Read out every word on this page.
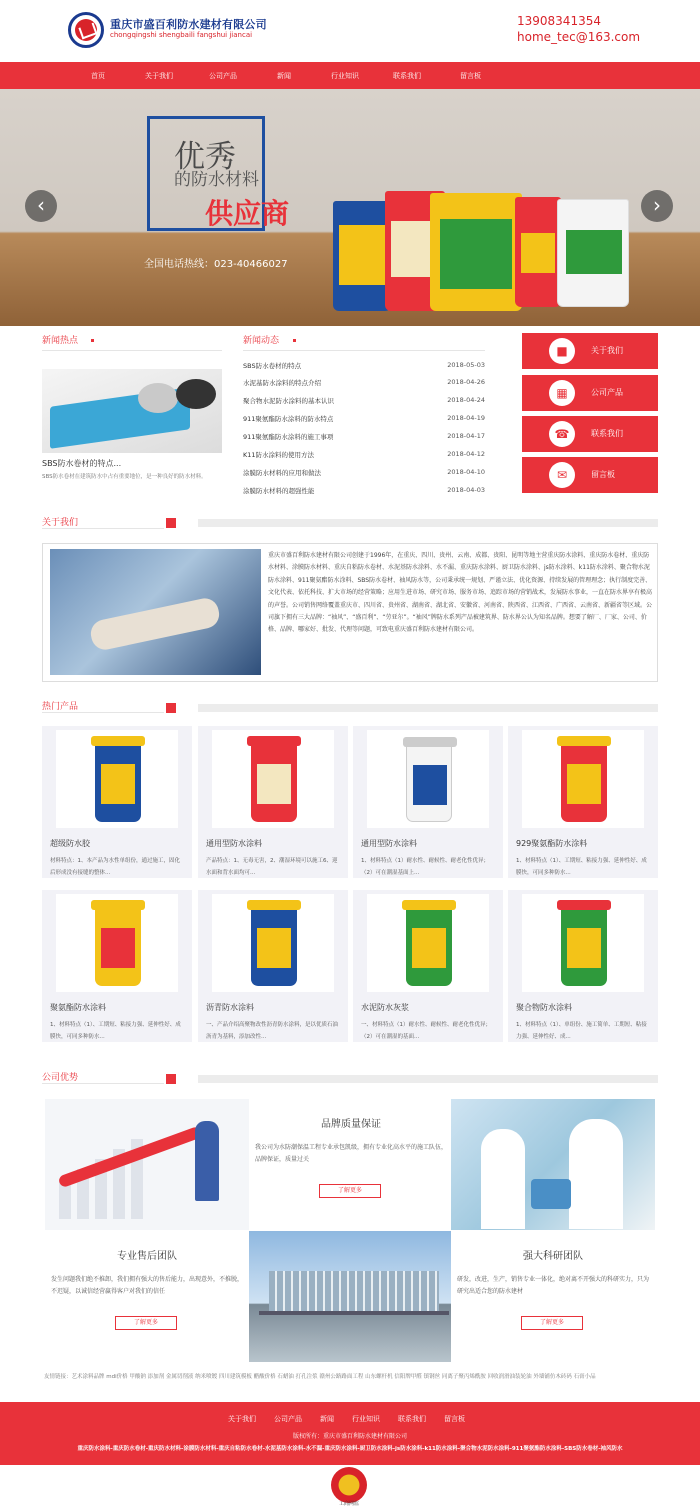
重庆市盛百利防水建材有限公司
chongqingshi shengbaili fangshui jiancai
13908341354
home_tec@163.com
首页	关于我们	公司产品	新闻	行业知识	联系我们	留言板
优秀
的防水材料
供应商
全国电话热线：023-40466027
‹	›
新闻热点
SBS防水卷材的特点...
SBS防水卷材在建筑防水中占有重要地位，是一种良好的防水材料。
新闻动态
SBS防水卷材的特点	2018-05-03
水泥基防水涂料的特点介绍	2018-04-26
聚合物水泥防水涂料的基本认识	2018-04-24
911聚氨酯防水涂料的防水特点	2018-04-19
911聚氨酯防水涂料的施工事项	2018-04-17
K11防水涂料的使用方法	2018-04-12
涂膜防水材料的应用和做法	2018-04-10
涂膜防水材料的超强性能	2018-04-03
■	关于我们
▦	公司产品
☎	联系我们
✉	留言板
关于我们
重庆市盛百利防水建材有限公司创建于1996年，在重庆、四川、贵州、云南、成都、贵阳、昆明等地主营重庆防水涂料、重庆防水卷材、重庆防水材料、涂膜防水材料、重庆自粘防水卷材、水泥基防水涂料、水不漏、重庆防水涂料、厨卫防水涂料、js防水涂料、k11防水涂料、聚合物水泥防水涂料、911聚氨酯防水涂料、SBS防水卷材、袖风防水等，公司秉承统一规划、严谨立法、优化资源、持续发展的管理理念；执行制度完善、文化代表、依托科技、扩大市场的经营策略；应用生进市场、研究市场、服务市场、追踪市场的营销战术，发展防水事业，一直在防水界享有极高的声誉。公司销售网络覆盖重庆市、四川省、贵州省、湖南省、湖北省、安徽省、河南省、陕西省、江西省、广西省、云南省、新疆省等区域。公司旗下拥有三大品牌：“袖风”、“盛百利”、“劳亚尔”。“袖风”牌防水系列产品被建筑界、防水界公认为知名品牌。想要了解厂、厂家、公司、价格、品牌、哪家好、批发、代理等问题，可致电重庆盛百利防水建材有限公司。
热门产品
超级防水胶
材料特点：1、本产品为水性单组份，通过施工，固化后形成没有接缝的整体...
通用型防水涂料
产品特点：1、无毒无害，2、潮湿环境可以施工6、迎水面和背水面均可...
通用型防水涂料
1、材料特点（1）耐水性、耐候性、耐老化性优异；（2）可在潮湿基面上...
929聚氨酯防水涂料
1、材料特点（1）、工期短、粘接力强、延伸性好、成膜快，可同多种防水...
聚氨酯防水涂料
1、材料特点（1）、工期短、粘接力强、延伸性好、成膜快，可同多种防水...
沥青防水涂料
一、产品介绍高聚物改性沥青防水涂料，是以优质石油沥青为基料，添加改性...
水泥防水灰浆
一、材料特点（1）耐水性、耐候性、耐老化性优异；（2）可在潮湿的基面...
聚合物防水涂料
1、材料特点（1）、单组份、施工简单、工期短、粘接力强、延伸性好、成...
公司优势
品牌质量保证
我公司为水防潮保温工程专业承包凯级，拥有专业化高水平的施工队伍，品牌保证，质量过关
了解更多
专业售后团队
发生问题我们绝不推卸，我们拥有强大的售后能力，出现意外，不推脱，不迟疑，以诚信经营赢得客户对我们的信任
了解更多
强大科研团队
研发，改进，生产，销售专业一体化，绝对离不开强大的科研实力，只为研究出适合您的防水建材
了解更多
友情链接：艺术涂料品牌 mdi价格 甲酸钠 添加剂 金属切削液 纳米喷镀 四川建筑模板 醋酸价格 石蜡油 打孔注浆 赣州公路路面工程 山东螺杆机 信阳牌甲醛 镇钢丝 同离子聚丙烯酰胺 回收润滑油装轮油 外墙铺仿木砖码 石膏小品
关于我们	公司产品	新闻	行业知识	联系我们	留言板
版权所有：重庆市盛百利防水建材有限公司
重庆防水涂料-重庆防水卷材-重庆防水材料-涂膜防水材料-重庆自粘防水卷材-水泥基防水涂料-水不漏-重庆防水涂料-厨卫防水涂料-js防水涂料-k11防水涂料-聚合物水泥防水涂料-911聚氨酯防水涂料-SBS防水卷材-袖风防水
工商网监
